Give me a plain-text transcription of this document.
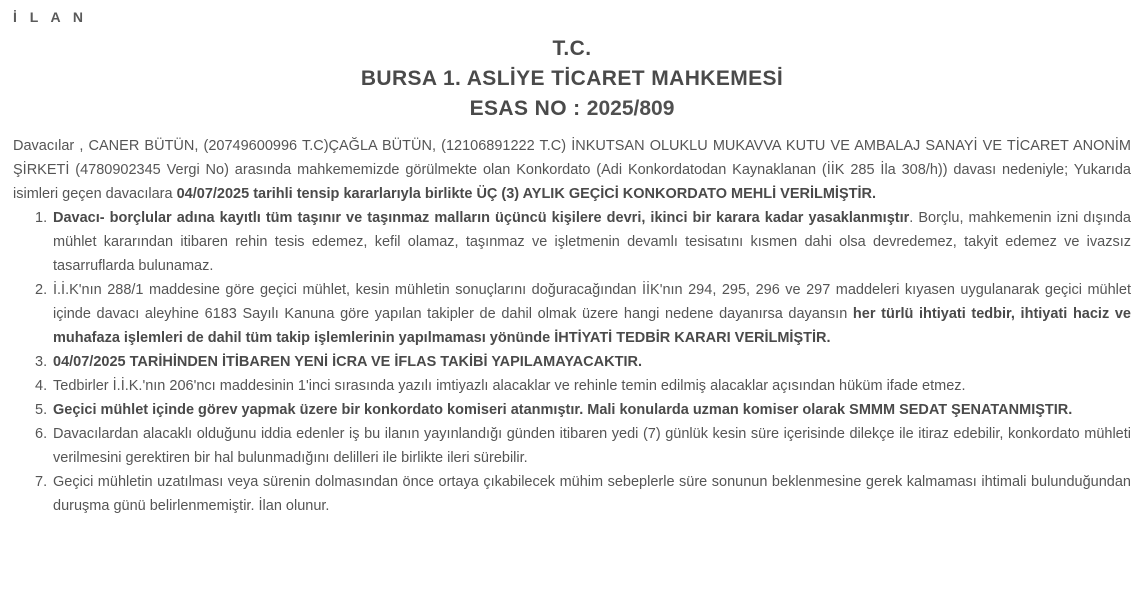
İ L A N
T.C.
BURSA 1. ASLİYE TİCARET MAHKEMESİ
ESAS NO : 2025/809

Davacılar , CANER BÜTÜN, (20749600996 T.C)ÇAĞLA BÜTÜN, (12106891222 T.C) İNKUTSAN OLUKLU MUKAVVA KUTU VE AMBALAJ SANAYİ VE TİCARET ANONİM ŞİRKETİ (4780902345 Vergi No) arasında mahkememizde görülmekte olan Konkordato (Adi Konkordatodan Kaynaklanan (İİK 285 İla 308/h)) davası nedeniyle; Yukarıda isimleri geçen davacılara 04/07/2025 tarihli tensip kararlarıyla birlikte ÜÇ (3) AYLIK GEÇİCİ KONKORDATO MEHLİ VERİLMİŞTİR.

1. Davacı- borçlular adına kayıtlı tüm taşınır ve taşınmaz malların üçüncü kişilere devri, ikinci bir karara kadar yasaklanmıştır. Borçlu, mahkemenin izni dışında mühlet kararından itibaren rehin tesis edemez, kefil olamaz, taşınmaz ve işletmenin devamlı tesisatını kısmen dahi olsa devredemez, takyit edemez ve ivazsız tasarruflarda bulunamaz.
2. İ.İ.K'nın 288/1 maddesine göre geçici mühlet, kesin mühletin sonuçlarını doğuracağından İİK'nın 294, 295, 296 ve 297 maddeleri kıyasen uygulanarak geçici mühlet içinde davacı aleyhine 6183 Sayılı Kanuna göre yapılan takipler de dahil olmak üzere hangi nedene dayanırsa dayansın her türlü ihtiyati tedbir, ihtiyati haciz ve muhafaza işlemleri de dahil tüm takip işlemlerinin yapılmaması yönünde İHTİYATİ TEDBİR KARARI VERİLMİŞTİR.
3. 04/07/2025 TARİHİNDEN İTİBAREN YENİ İCRA VE İFLAS TAKİBİ YAPILAMAYACAKTIR.
4. Tedbirler İ.İ.K.'nın 206'ncı maddesinin 1'inci sırasında yazılı imtiyazlı alacaklar ve rehinle temin edilmiş alacaklar açısından hüküm ifade etmez.
5. Geçici mühlet içinde görev yapmak üzere bir konkordato komiseri atanmıştır. Mali konularda uzman komiser olarak SMMM SEDAT ŞENATANMIŞTIR.
6. Davacılardan alacaklı olduğunu iddia edenler iş bu ilanın yayınlandığı günden itibaren yedi (7) günlük kesin süre içerisinde dilekçe ile itiraz edebilir, konkordato mühleti verilmesini gerektiren bir hal bulunmadığını delilleri ile birlikte ileri sürebilir.
7. Geçici mühletin uzatılması veya sürenin dolmasından önce ortaya çıkabilecek mühim sebeplerle süre sonunun beklenmesine gerek kalmaması ihtimali bulunduğundan duruşma günü belirlenmemiştir. İlan olunur.
